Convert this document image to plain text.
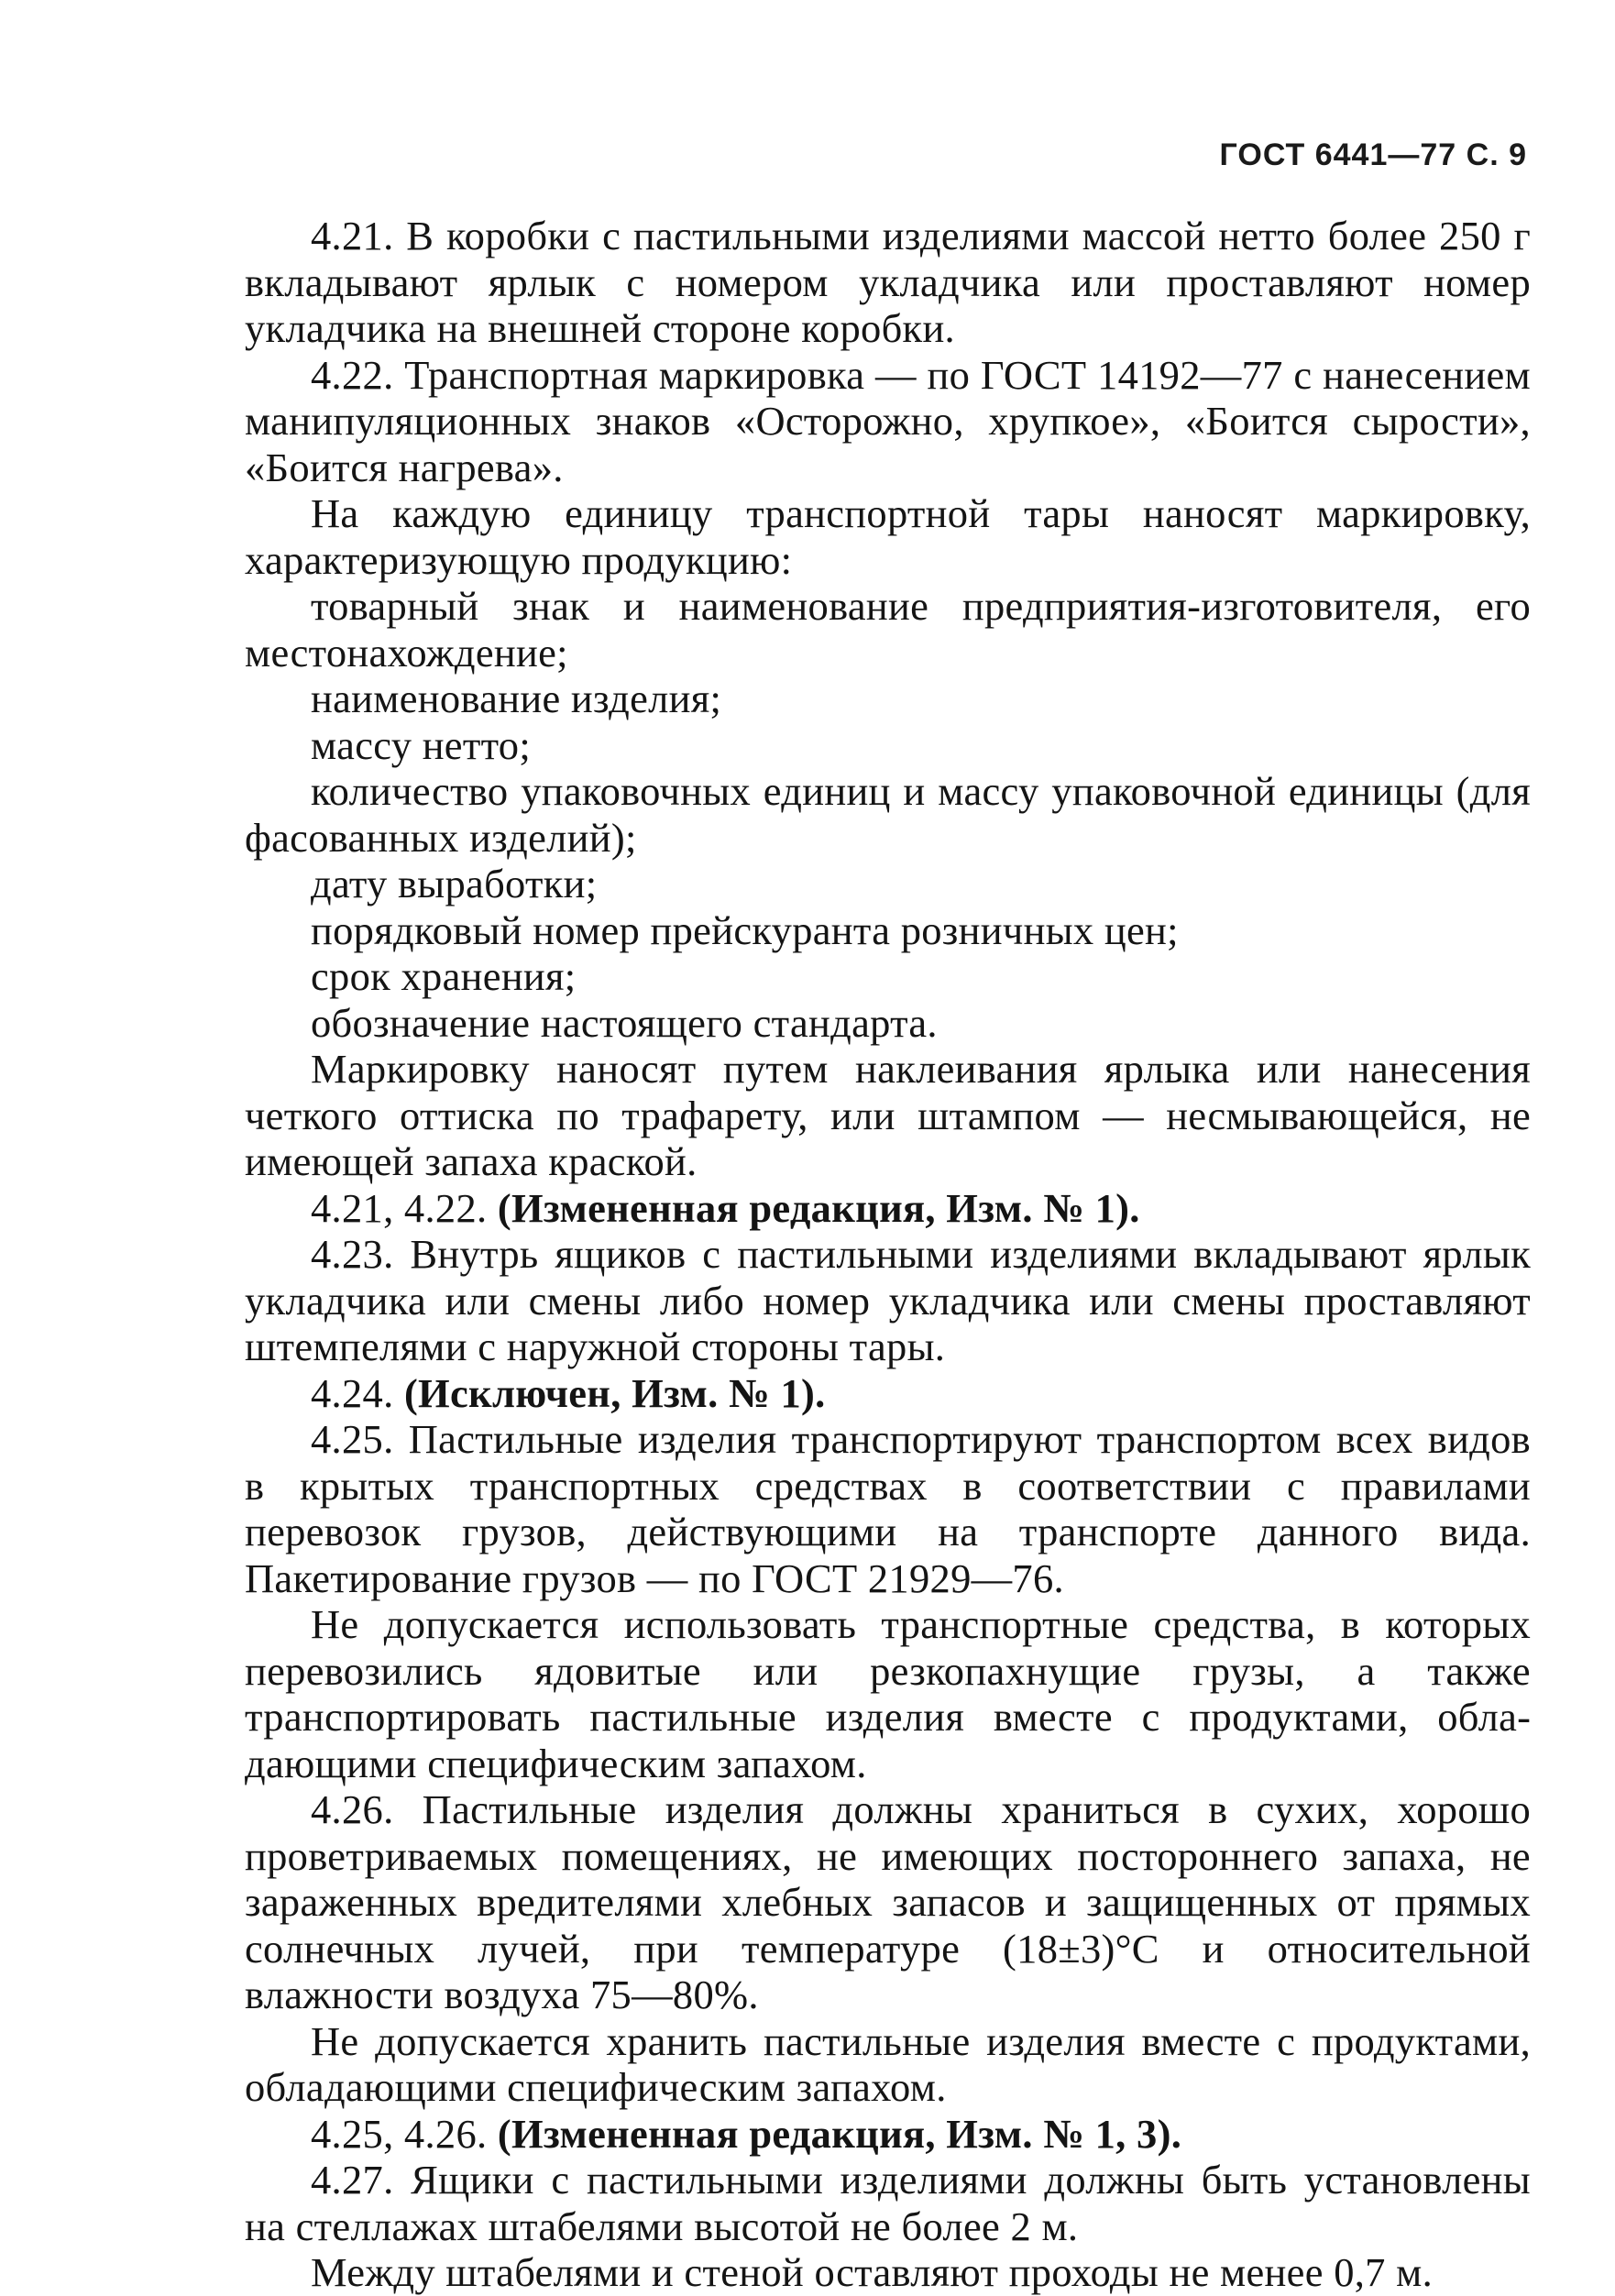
ГОСТ 6441—77 С. 9

4.21. В коробки с пастильными изделиями массой нетто более 250 г вкладывают ярлык с номером укладчика или проставляют номер укладчика на внешней стороне коробки.

4.22. Транспортная маркировка — по ГОСТ 14192—77 с нанесением манипуляционных знаков «Осторожно, хрупкое», «Боится сырости», «Боится нагрева».

На каждую единицу транспортной тары наносят маркировку, характеризующую продукцию:

товарный знак и наименование предприятия-изготовителя, его местонахождение;

наименование изделия;

массу нетто;

количество упаковочных единиц и массу упаковочной единицы (для фасованных изделий);

дату выработки;

порядковый номер прейскуранта розничных цен;

срок хранения;

обозначение настоящего стандарта.

Маркировку наносят путем наклеивания ярлыка или нанесения четкого оттиска по трафарету, или штампом — несмывающейся, не имеющей запаха краской.

4.21, 4.22. (Измененная редакция, Изм. № 1).

4.23. Внутрь ящиков с пастильными изделиями вкладывают ярлык укладчика или смены либо номер укладчика или смены проставляют штемпелями с наружной стороны тары.

4.24. (Исключен, Изм. № 1).

4.25. Пастильные изделия транспортируют транспортом всех видов в крытых транспортных средствах в соответствии с правилами перевозок грузов, действующими на транспорте данного вида. Пакетирование грузов — по ГОСТ 21929—76.

Не допускается использовать транспортные средства, в которых перевозились ядовитые или резкопахнущие грузы, а также транспортировать пастильные изделия вместе с продуктами, обладающими специфическим запахом.

4.26. Пастильные изделия должны храниться в сухих, хорошо проветриваемых помещениях, не имеющих постороннего запаха, не зараженных вредителями хлебных запасов и защищенных от прямых солнечных лучей, при температуре (18±3)°С и относительной влажности воздуха 75—80%.

Не допускается хранить пастильные изделия вместе с продуктами, обладающими специфическим запахом.

4.25, 4.26. (Измененная редакция, Изм. № 1, 3).

4.27. Ящики с пастильными изделиями должны быть установлены на стеллажах штабелями высотой не более 2 м.

Между штабелями и стеной оставляют проходы не менее 0,7 м.
